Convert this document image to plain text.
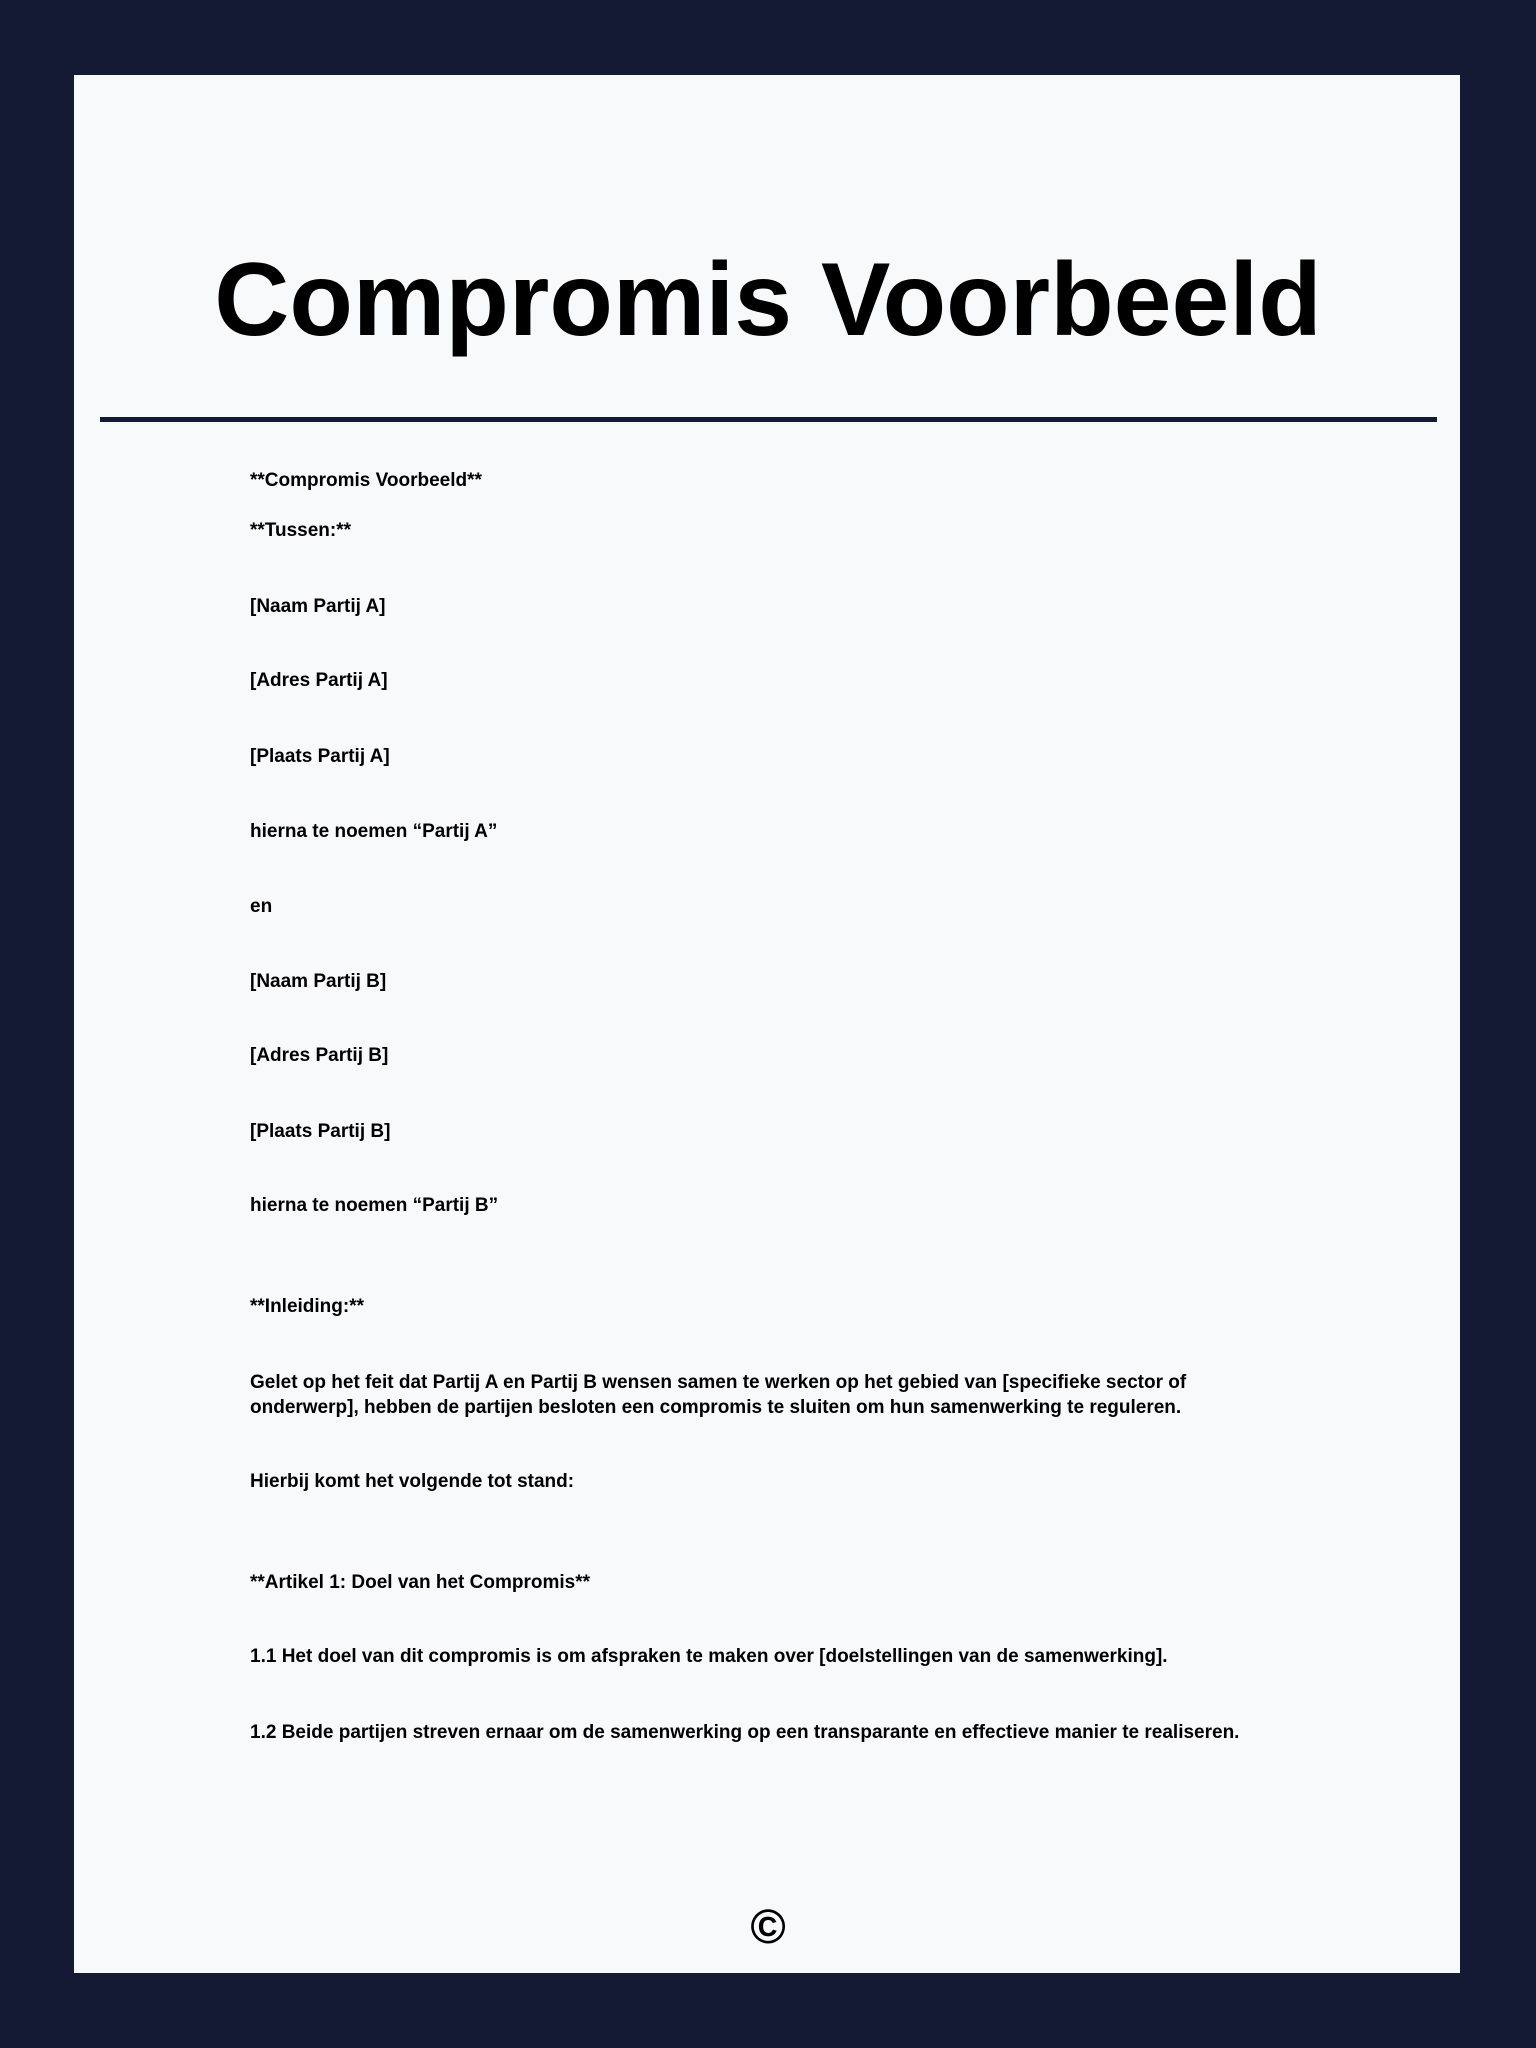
Compromis Voorbeeld

**Compromis Voorbeeld**

**Tussen:**

[Naam Partij A]

[Adres Partij A]

[Plaats Partij A]

hierna te noemen “Partij A”

en

[Naam Partij B]

[Adres Partij B]

[Plaats Partij B]

hierna te noemen “Partij B”

**Inleiding:**

Gelet op het feit dat Partij A en Partij B wensen samen te werken op het gebied van [specifieke sector of onderwerp], hebben de partijen besloten een compromis te sluiten om hun samenwerking te reguleren.

Hierbij komt het volgende tot stand:

**Artikel 1: Doel van het Compromis**

1.1 Het doel van dit compromis is om afspraken te maken over [doelstellingen van de samenwerking].

1.2 Beide partijen streven ernaar om de samenwerking op een transparante en effectieve manier te realiseren.

©
